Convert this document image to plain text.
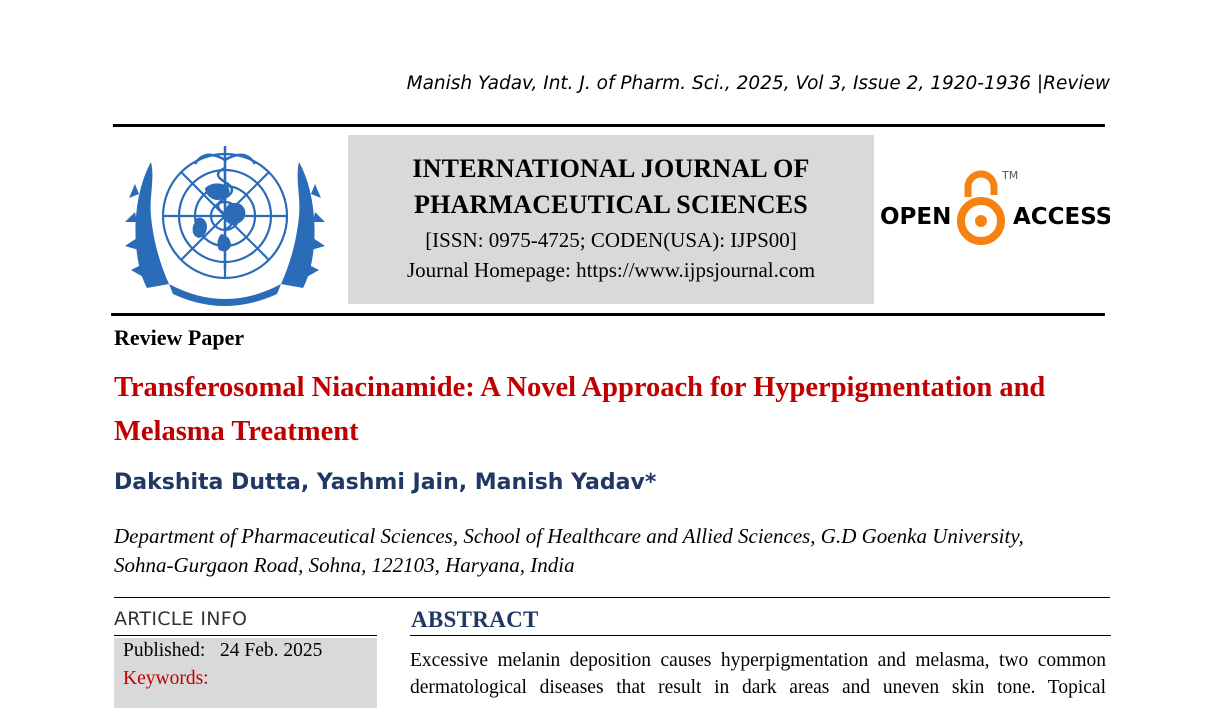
Manish Yadav, Int. J. of Pharm. Sci., 2025, Vol 3, Issue 2, 1920-1936 |Review
INTERNATIONAL JOURNAL OF
PHARMACEUTICAL SCIENCES
[ISSN: 0975-4725; CODEN(USA): IJPS00]
Journal Homepage: https://www.ijpsjournal.com
OPEN
TM
ACCESS
Review Paper
Transferosomal Niacinamide: A Novel Approach for Hyperpigmentation and Melasma Treatment
Dakshita Dutta, Yashmi Jain, Manish Yadav*
Department of Pharmaceutical Sciences, School of Healthcare and Allied Sciences, G.D Goenka University,
Sohna-Gurgaon Road, Sohna, 122103, Haryana, India
ARTICLE INFO
Published: 24 Feb. 2025
Keywords:
ABSTRACT
Excessive melanin deposition causes hyperpigmentation and melasma, two common
dermatological diseases that result in dark areas and uneven skin tone. Topical
